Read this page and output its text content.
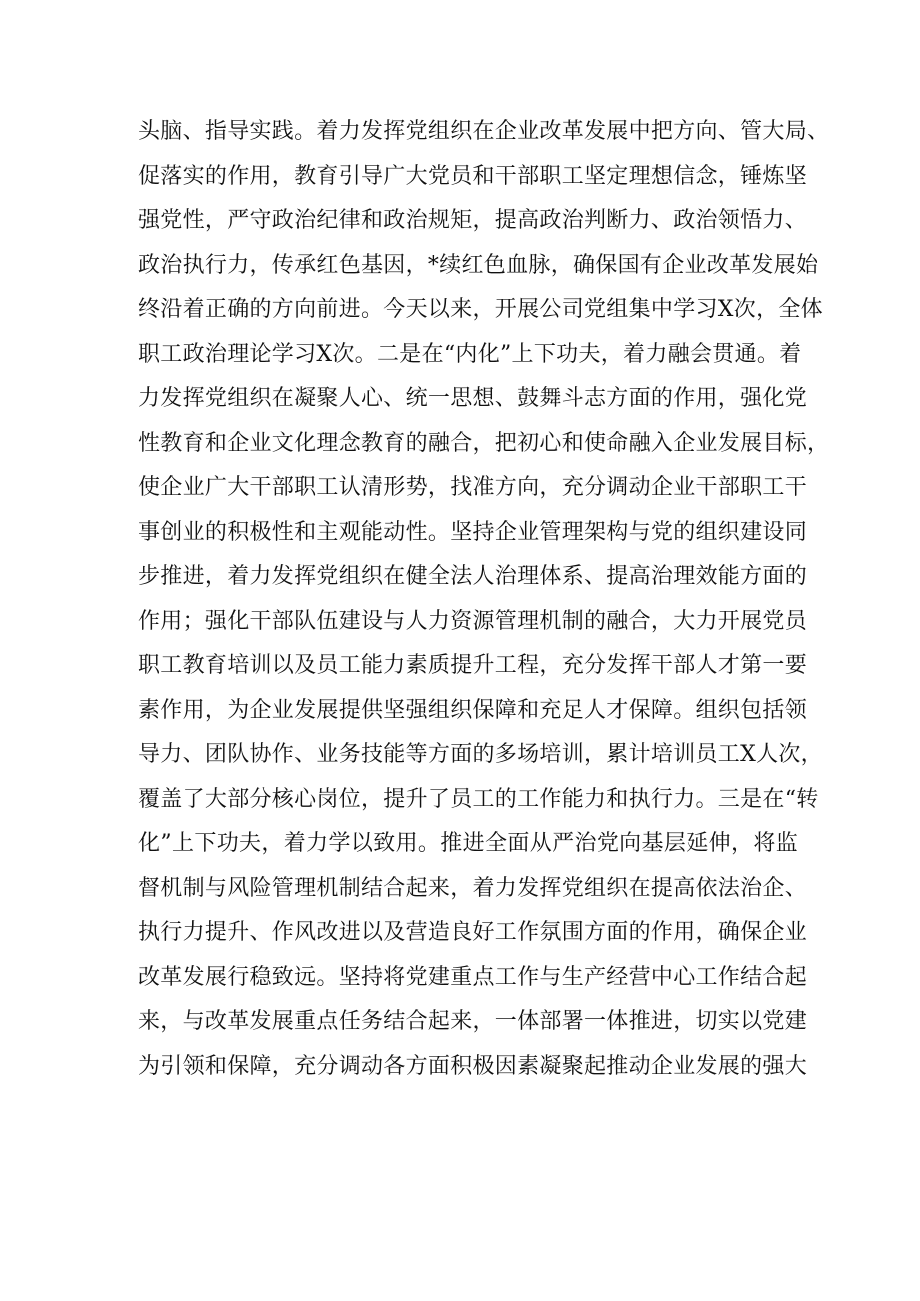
头脑、指导实践。着力发挥党组织在企业改革发展中把方向、管大局、
促落实的作用，教育引导广大党员和干部职工坚定理想信念，锤炼坚
强党性，严守政治纪律和政治规矩，提高政治判断力、政治领悟力、
政治执行力，传承红色基因，*续红色血脉，确保国有企业改革发展始
终沿着正确的方向前进。今天以来，开展公司党组集中学习X次，全体
职工政治理论学习X次。二是在“内化”上下功夫，着力融会贯通。着
力发挥党组织在凝聚人心、统一思想、鼓舞斗志方面的作用，强化党
性教育和企业文化理念教育的融合，把初心和使命融入企业发展目标，
使企业广大干部职工认清形势，找准方向，充分调动企业干部职工干
事创业的积极性和主观能动性。坚持企业管理架构与党的组织建设同
步推进，着力发挥党组织在健全法人治理体系、提高治理效能方面的
作用；强化干部队伍建设与人力资源管理机制的融合，大力开展党员
职工教育培训以及员工能力素质提升工程，充分发挥干部人才第一要
素作用，为企业发展提供坚强组织保障和充足人才保障。组织包括领
导力、团队协作、业务技能等方面的多场培训，累计培训员工X人次，
覆盖了大部分核心岗位，提升了员工的工作能力和执行力。三是在“转
化”上下功夫，着力学以致用。推进全面从严治党向基层延伸，将监
督机制与风险管理机制结合起来，着力发挥党组织在提高依法治企、
执行力提升、作风改进以及营造良好工作氛围方面的作用，确保企业
改革发展行稳致远。坚持将党建重点工作与生产经营中心工作结合起
来，与改革发展重点任务结合起来，一体部署一体推进，切实以党建
为引领和保障，充分调动各方面积极因素凝聚起推动企业发展的强大
